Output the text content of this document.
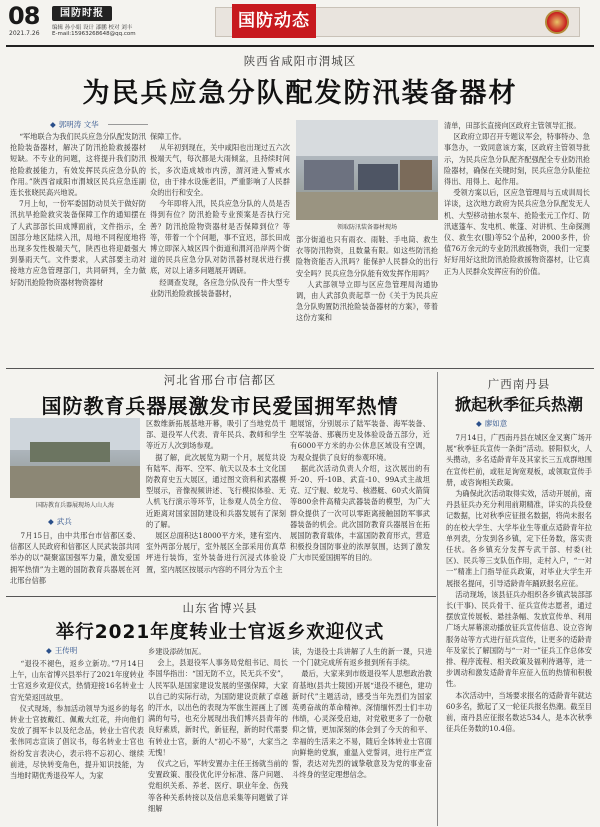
08
2021.7.26
国防时报
编辑 孙小娟 设计 漆鹏 校对 刘丰
E-mail:15963268648@qq.com
国防动态
陕西省咸阳市渭城区
为民兵应急分队配发防汛装备器材
◆ 郭明涛 文华
“军地联合为我们民兵应急分队配发防汛抢险装备器材，解决了防汛抢险救援器材短缺。不专业的问题，这将提升我们防汛抢险救援能力，有效发挥民兵应急分队的作用。”陕西省咸阳市渭城区民兵应急连副连长张晓民高兴地说。
7月上旬，一份军委国防动员关于做好防汛抗旱抢险救灾装备保障工作的通知摆在了人武部部长田成博面前，文件指示，全国部分地区陆续入汛，局地不同程度地将出现多发性极端天气，陕西也将迎最强大到暴雨天气。文件要求，人武部要主动对接地方应急管理部门，共同研判，全力做好防汛抢险物资器材物资器材
保障工作。
从年初到现在，关中咸阳也出现过五六次极端天气，每次都是大雨倾盆，且持续时间长，多次造成城市内涝，渭河进入警戒水位，由于排水设施老旧，严重影响了人民群众的出行和安全。
今年即将入汛，民兵应急分队的人员是否得到有位？防汛抢险专业预案是否执行完善？防汛抢险物资器材是否保障到位？等等，带着一个个问题，事不宜迟，部长田成博立即深入城区四个街道和渭河沿岸两个街道的民兵应急分队对防汛器材现状进行摸底，对以上诸多问题展开调研。
经调查发现，各应急分队没有一件大型专业防汛抢险救援装备器材，
领取防汛装备器材现场
部分街道也只有雨衣、雨鞋、手电筒、救生衣等防汛物资，且数量有限。如这些防汛抢险物资能否入汛吗？能保护人民群众的出行安全吗？民兵应急分队能有效发挥作用吗？
人武部领导立即与区应急管理局沟通协调，由人武部负责起草一份《关于为民兵应急分队购置防汛抢险装备器材的方案》，带着这份方案和
清单，田部长直接向区政府主管领导汇报。
区政府立即召开专题议军会，特事特办、急事急办，一致同意该方案，区政府主管领导批示，为民兵应急分队配齐配强配全专业防汛抢险器材，确保在关键时刻，民兵应急分队能拉得出、用得上、起作用。
受领方案以后，区应急管理局与五成训局长详谈，这次地方政府为民兵应急分队配发无人机、大型移动抽水泵车、抢险张元工作灯、防汛遮篷车、发电机、帐篷、对讲机、生命探测仪、救生衣(服)等52个品种，2000多件，价值76万余元的专业防汛救援物资，我们一定要好好用好这批防汛抢险救援物资器材，让它真正为人民群众发挥应有的价值。
河北省邢台市信都区
国防教育兵器展激发市民爱国拥军热情
国防教育兵器展现场人山人海
◆ 武兵
7月15日，由中共邢台市信都区委、信都区人民政府和信都区人民武装部共同举办的以“凝聚富国强军力量，激发爱国拥军热情”为主题的国防教育兵器展在河北邢台信都
区数维新拓展基地开幕，吸引了当地党员干部、退役军人代表、青年民兵、教师和学生等近万人次到场参观。
据了解，此次展览为期一个月，展览共设有陆军、海军、空军、航天以及本土文化国防教育史五大展区，通过图文资料和武器模型展示，音像视频讲述、飞行模拟体验、无人机飞行演示等环节，让参观人员全方位、近距离对国家国防建设和兵器发展有了深刻的了解。
展区总面积达18000平方米，建有室内、室外两部分展厅，室外展区全部采用仿真草坪进行装饰，室外装备进行沉浸式体验设置，室内展区按展示内容的不同分为五个主
题展馆，分别展示了陆军装备、海军装备、空军装备、那襄历史及体验设备五部分，近有6000平方米的办公休息区域设有空调，为观众提供了良好的参观环境。
据此次活动负责人介绍，这次展出的有歼-20、歼-10B、武直-10、99A式主战坦克、辽宁舰、蛟龙号、核潜艇、60式火箭筒等800余件高精尖武器装备的模型，为广大群众提供了一次可以零距离接触国防军事武器装备的机会。此次国防教育兵器展旨在拓展国防教育载体，丰富国防教育形式，营造积极投身国防事业的浓厚氛围，达到了激发广大市民爱国拥军的目的。
广西南丹县
掀起秋季征兵热潮
◆ 廖如意
7月14日，广西南丹县在城区金叉赛广场开展“秋季征兵宣传一条街”活动。骄阳似火，人头攒动，多名适龄青年及其家长三五成群地围在宣传栏前，或驻足询宽观板，或领取宣传手册，或咨询相关政策。
为确保此次活动取得实效，活动开展前，南丹县征兵办充分利用前期精准，详实的兵役登记数据，比对秋季应征报名数据，将尚未报名的在校大学生、大学毕业生等重点适龄青年拉单列表，分发到各乡镇，定下任务数，落实责任状。各乡镇充分发挥专武干部、村委(社区)、民兵等三支队伍作用，走村入户，“一对一”精准上门指导征兵政策，对毕业大学生开展报名提问，引导适龄青年踊跃报名应征。
活动现场，该县征兵办组织各乡镇武装部部长(干事)、民兵骨干、征兵宣传志愿者，通过摆放宣传展板、悬挂条幅、发放宣传单、利用广场大屏幕滚动播放征兵宣传信息、设立咨询服务站等方式进行征兵宣传，让更多的适龄青年及家长了解国防与“一对一”征兵工作总体安排、程序流程、相关政策及福利待遇等，进一步调动和激发适龄青年应征入伍的热情和积极性。
本次活动中，当场要求报名的适龄青年就达60多名，掀起了又一轮征兵报名热潮。截至目前，南丹县应征报名数达534人，是本次秋季征兵任务数的10.4倍。
山东省博兴县
举行2021年度转业士官返乡欢迎仪式
◆ 王传明
“退役不褪色，返乡立新功。”7月14日上午，山东省博兴县举行了2021年度转业士官返乡欢迎仪式，热情迎接16名转业士官光荣返回故里。
仪式现场，参加活动领导为返乡的每名转业士官披戴红、佩戴大红花，并向他们发放了拥军卡以及纪念品，转业士官代表张伟同志宣读了倡议书，每名转业士官也纷纷发言表决心，表示将不忘初心、继续前进，尽快转变角色，提升知识技能，为当地时期优秀退役军人，为家
乡建设添砖加瓦。
会上，县退役军人事务局党组书记、局长李国华指出：“国无防不立，民无兵不安”，人民军队是国家建设发展的坚强保障，大家以自己的实际行动，为国防建设贡献了卓越的汗水，以出色的表现为军旅生涯画上了圆满的句号，也充分展现出我们博兴县青年的良好素质，新时代，新征程，新的时代需要有转业士官，新的人“初心不易”，大家当之无愧！
仪式之后，军转安置办主任王扬就当前的安置政策、服役优化评分标准、落户问题、党组织关系、养老、医疗、职业年金、伤残等各种关系转接以及信息采集等问题做了详细解
读，为退役士兵讲解了人生的新一课，只进一个门就完成所有返乡报到所有手续。
最后，大家来到市级退役军人思想政治教育基地(县共士陵园)开展“退役不褪色，建功新时代”主题活动，感受当年先烈们为国家英勇奋战的革命精神。深情缅怀烈士们丰功伟绩，心灵深受启迪，对党敬更多了一份敬仰之情，更加深刻的体会到了今天的和平、幸福的生活来之不易，随后全体转业士官面向鲜艳的党旗，重温入党誓词，进行庄严宣誓，表达对先烈的诚挚敬意及为党的事业奋斗终身的坚定理想信念。
